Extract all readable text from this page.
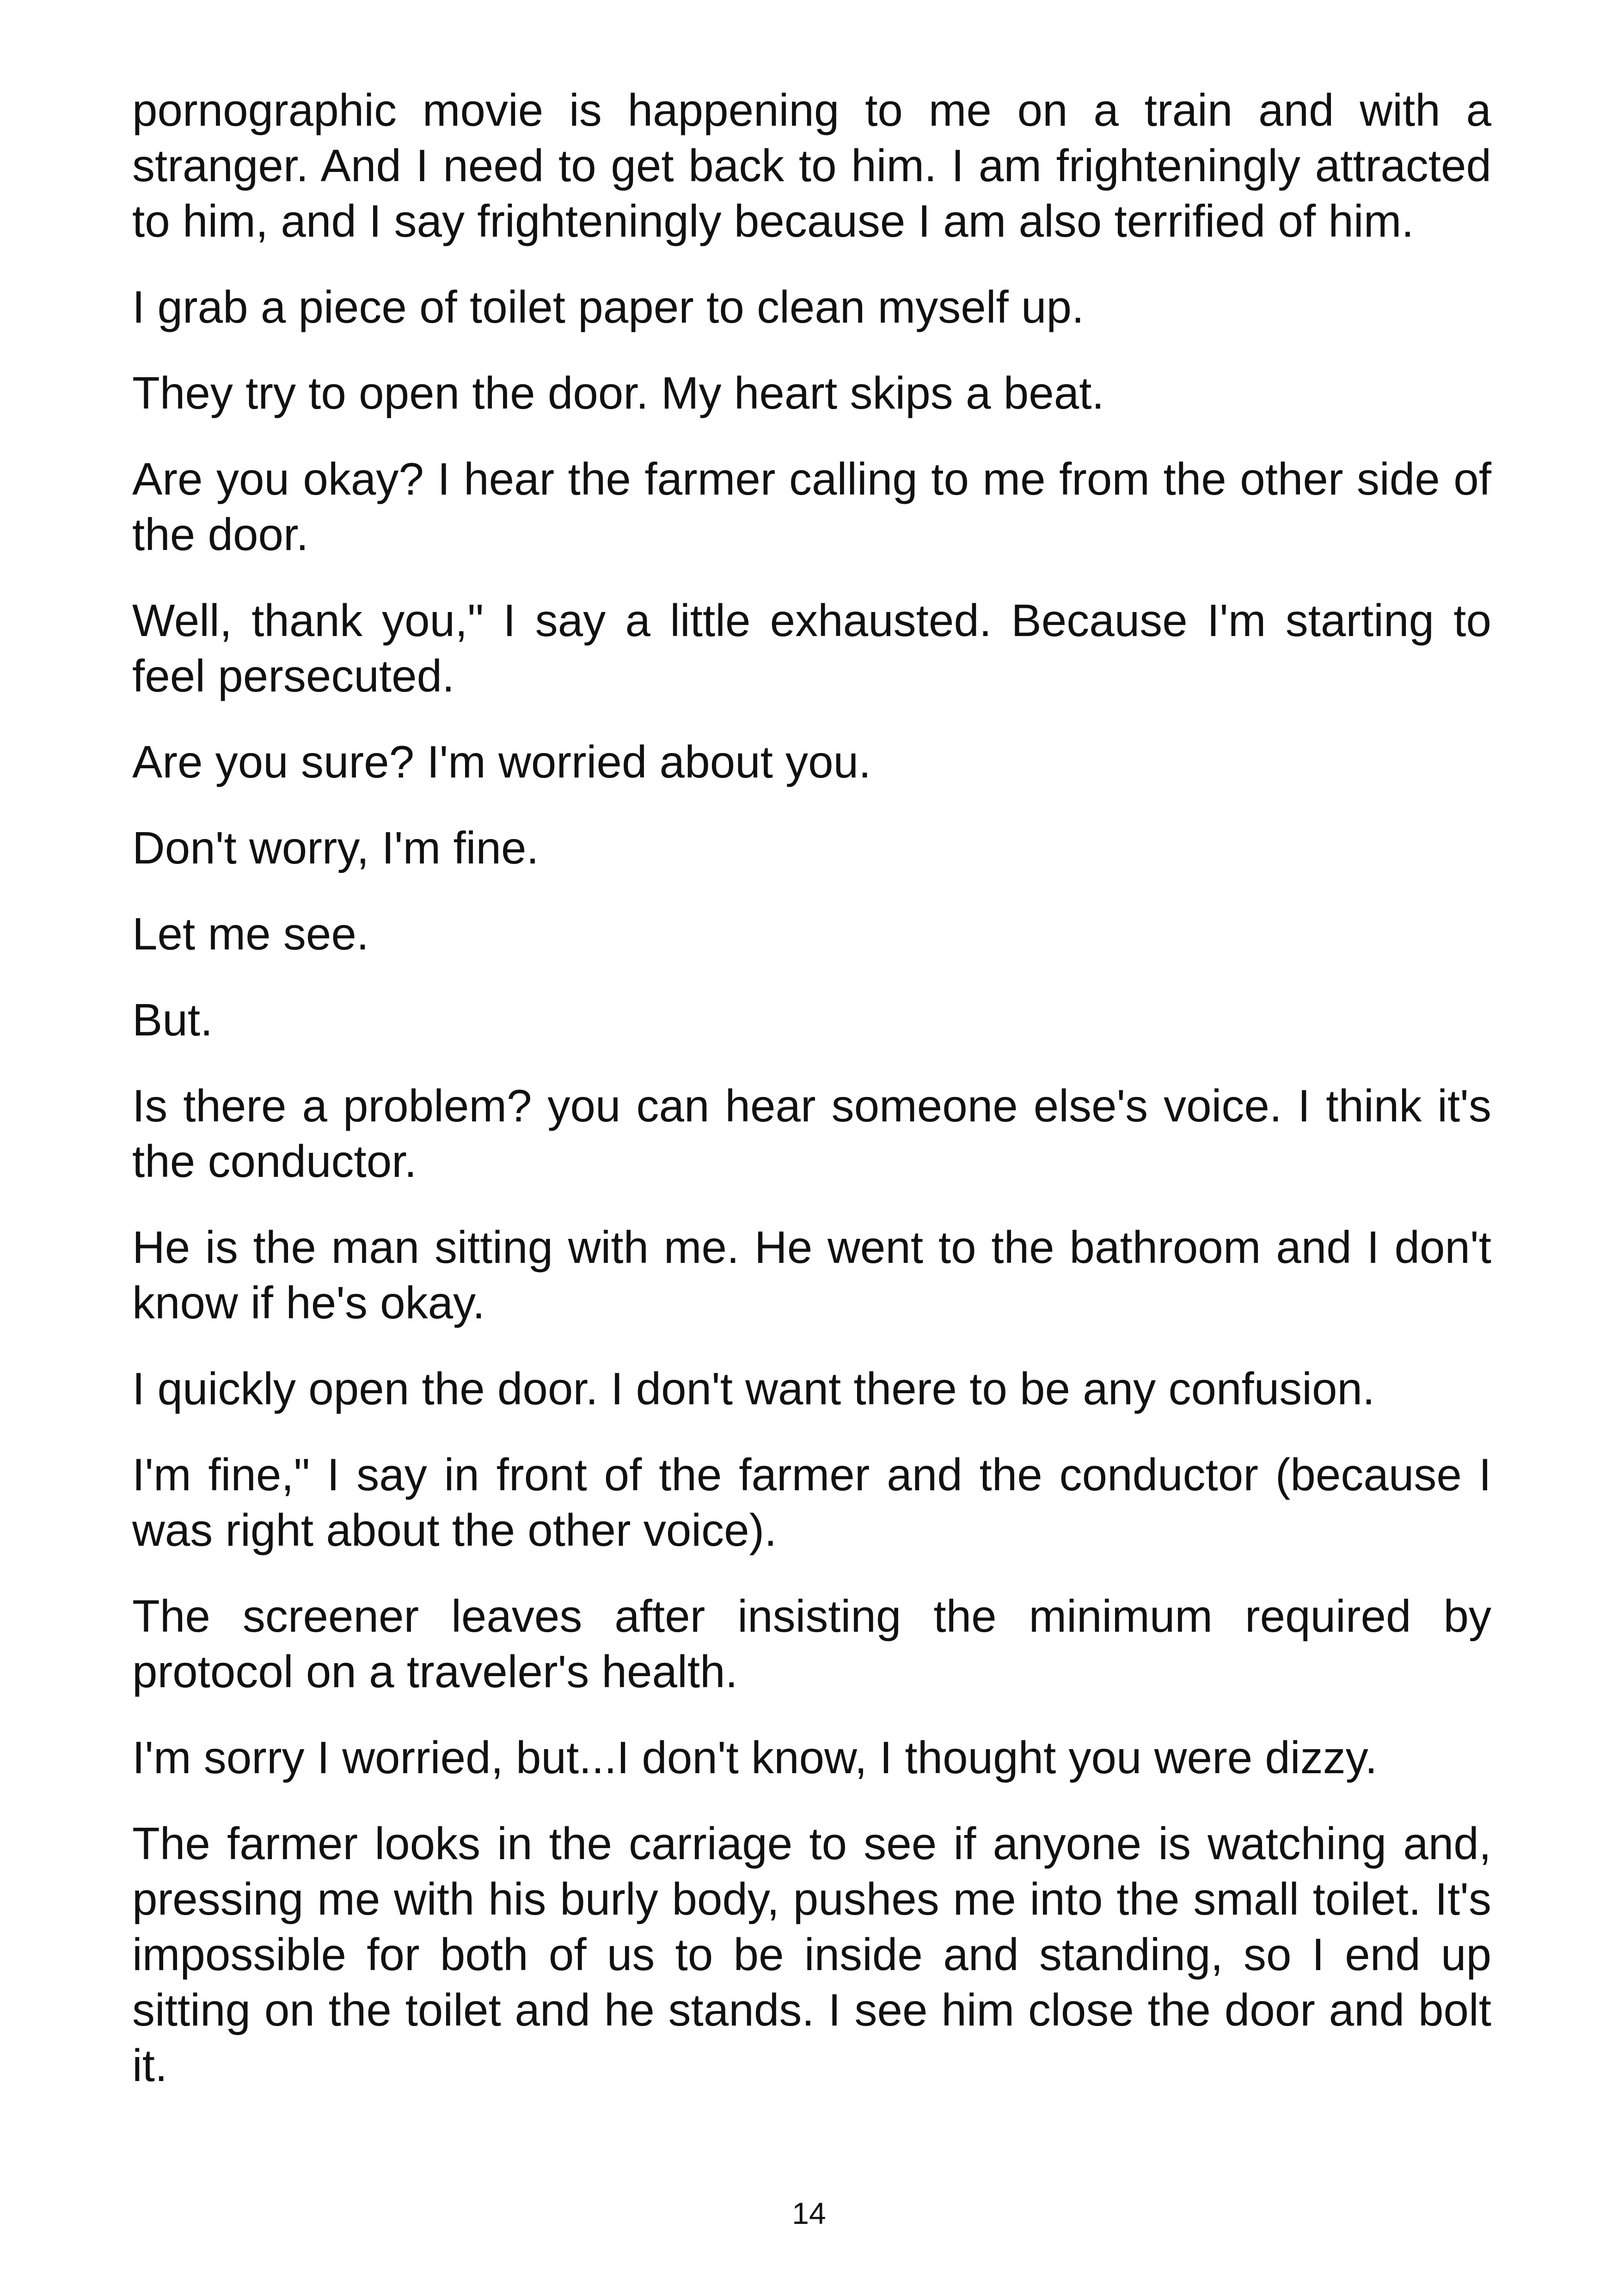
pornographic movie is happening to me on a train and with a stranger. And I need to get back to him. I am frighteningly attracted to him, and I say frighteningly because I am also terrified of him.

I grab a piece of toilet paper to clean myself up.

They try to open the door. My heart skips a beat.

Are you okay? I hear the farmer calling to me from the other side of the door.

Well, thank you," I say a little exhausted. Because I'm starting to feel persecuted.

Are you sure? I'm worried about you.

Don't worry, I'm fine.

Let me see.

But.

Is there a problem? you can hear someone else's voice. I think it's the conductor.

He is the man sitting with me. He went to the bathroom and I don't know if he's okay.

I quickly open the door. I don't want there to be any confusion.

I'm fine," I say in front of the farmer and the conductor (because I was right about the other voice).

The screener leaves after insisting the minimum required by protocol on a traveler's health.

I'm sorry I worried, but...I don't know, I thought you were dizzy.

The farmer looks in the carriage to see if anyone is watching and, pressing me with his burly body, pushes me into the small toilet. It's impossible for both of us to be inside and standing, so I end up sitting on the toilet and he stands. I see him close the door and bolt it.

14
